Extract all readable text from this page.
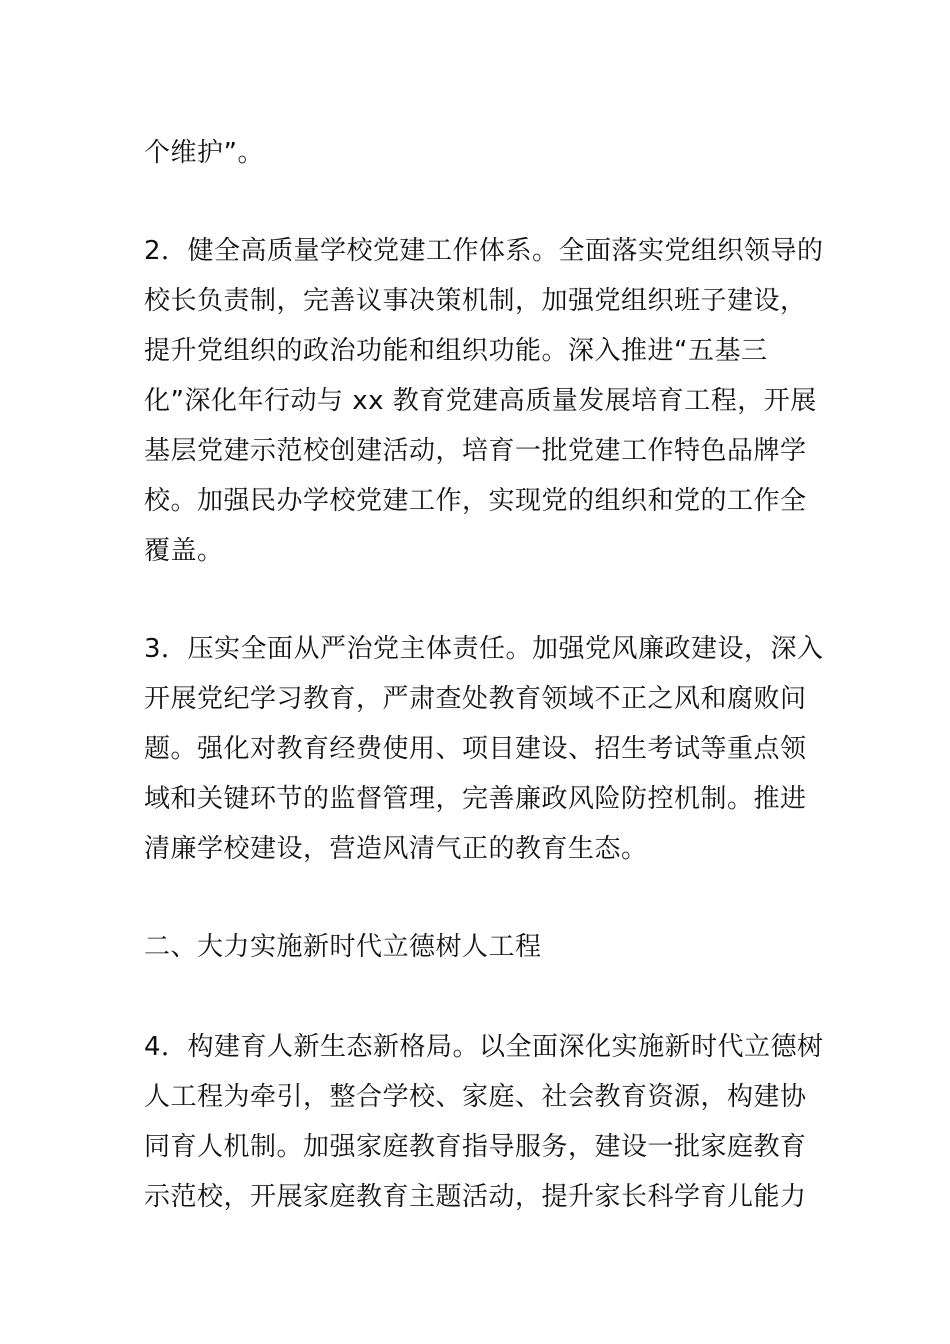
个维护”。
2．健全高质量学校党建工作体系。全面落实党组织领导的
校长负责制，完善议事决策机制，加强党组织班子建设，
提升党组织的政治功能和组织功能。深入推进“五基三
化”深化年行动与 xx 教育党建高质量发展培育工程，开展
基层党建示范校创建活动，培育一批党建工作特色品牌学
校。加强民办学校党建工作，实现党的组织和党的工作全
覆盖。
3．压实全面从严治党主体责任。加强党风廉政建设，深入
开展党纪学习教育，严肃查处教育领域不正之风和腐败问
题。强化对教育经费使用、项目建设、招生考试等重点领
域和关键环节的监督管理，完善廉政风险防控机制。推进
清廉学校建设，营造风清气正的教育生态。
二、大力实施新时代立德树人工程
4．构建育人新生态新格局。以全面深化实施新时代立德树
人工程为牵引，整合学校、家庭、社会教育资源，构建协
同育人机制。加强家庭教育指导服务，建设一批家庭教育
示范校，开展家庭教育主题活动，提升家长科学育儿能力
